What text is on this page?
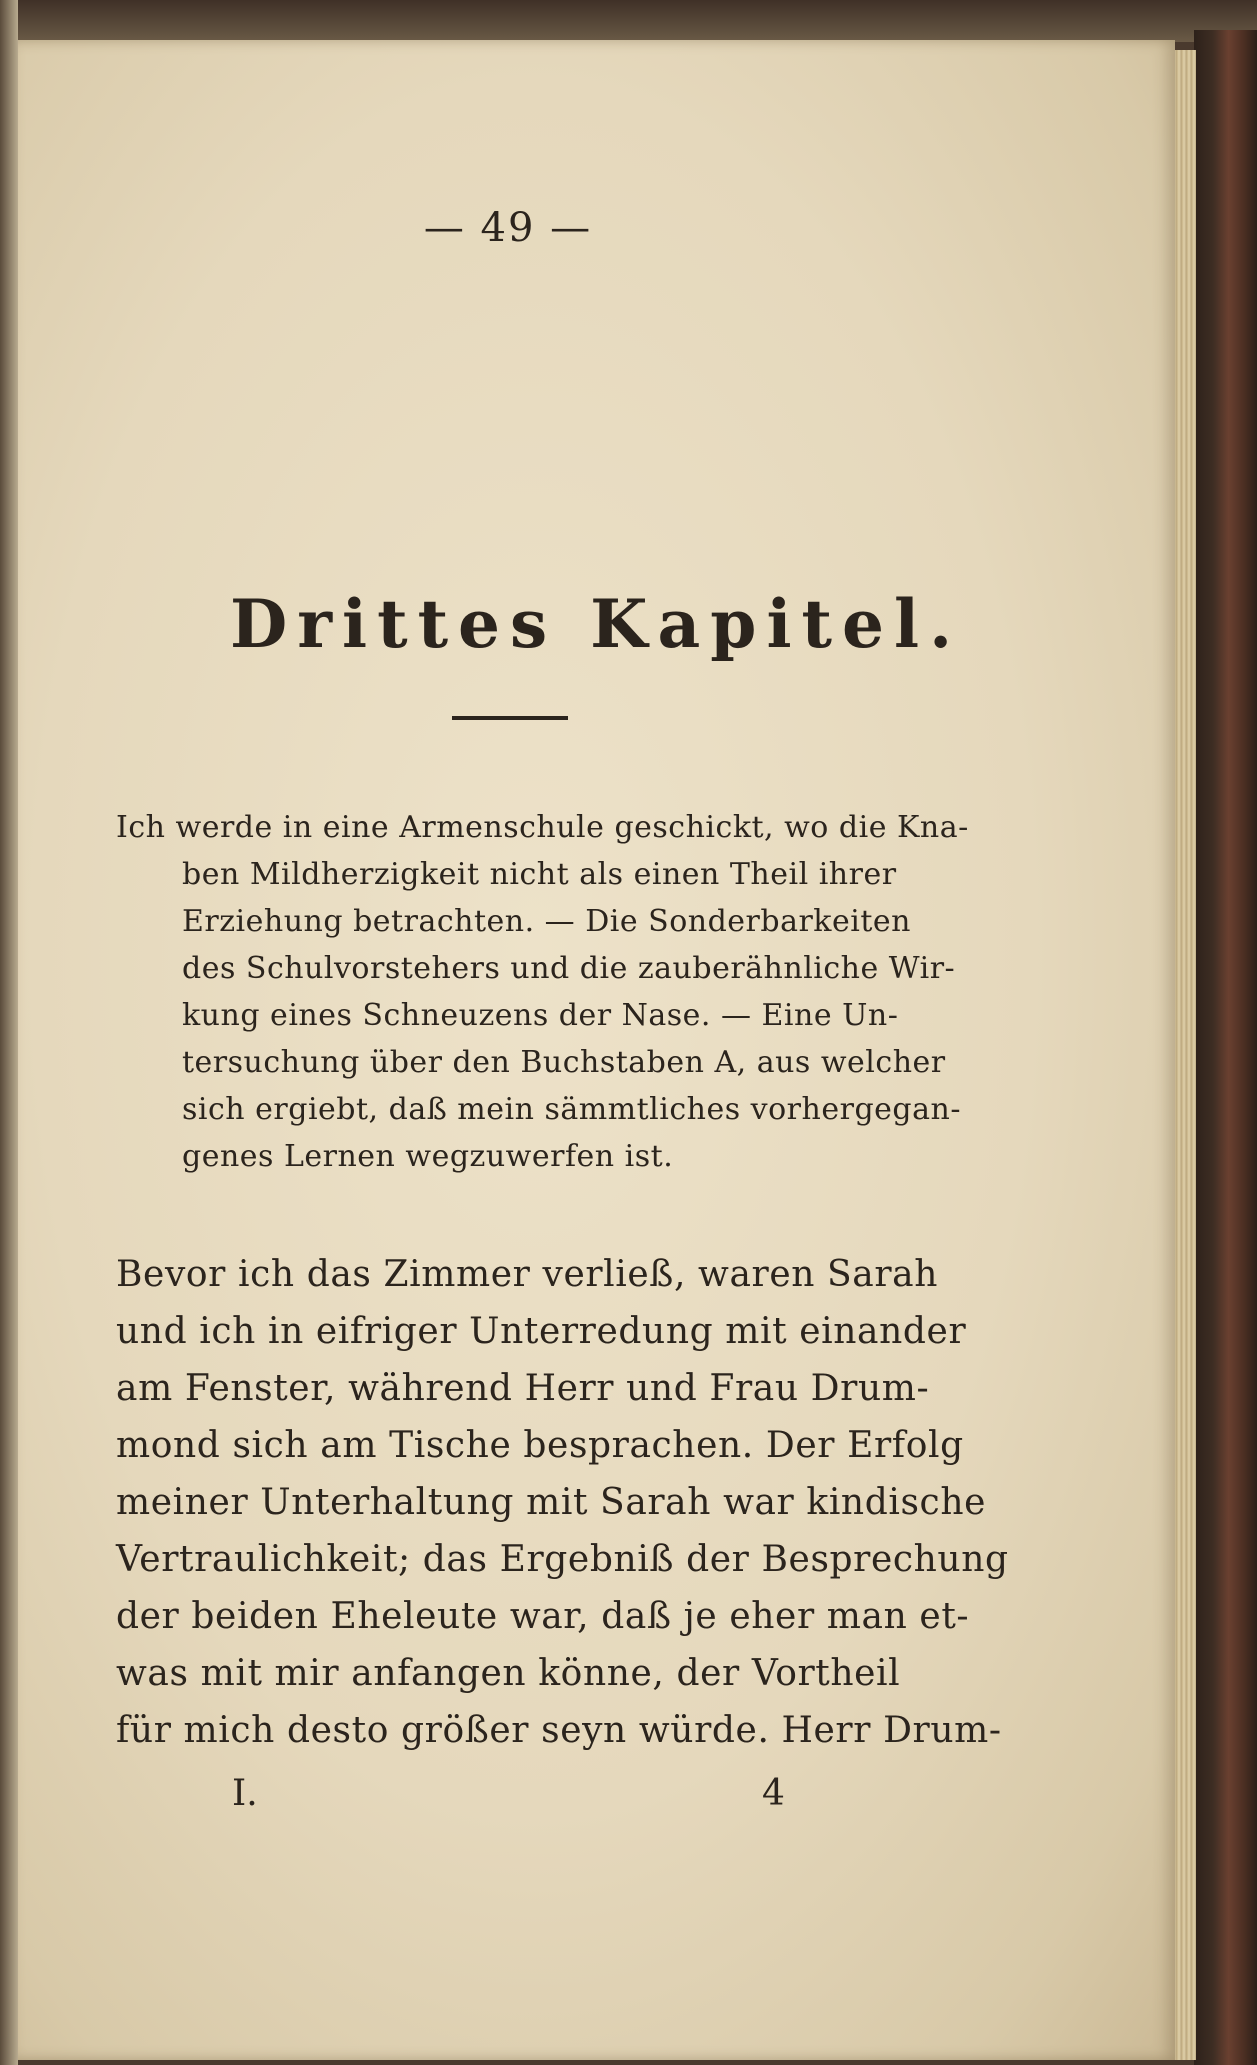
— 49 —
Drittes Kapitel.
Ich werde in eine Armenschule geschickt, wo die Kna-
ben Mildherzigkeit nicht als einen Theil ihrer
Erziehung betrachten. — Die Sonderbarkeiten
des Schulvorstehers und die zauberähnliche Wir-
kung eines Schneuzens der Nase. — Eine Un-
tersuchung über den Buchstaben A, aus welcher
sich ergiebt, daß mein sämmtliches vorhergegan-
genes Lernen wegzuwerfen ist.
Bevor ich das Zimmer verließ, waren Sarah
und ich in eifriger Unterredung mit einander
am Fenster, während Herr und Frau Drum-
mond sich am Tische besprachen. Der Erfolg
meiner Unterhaltung mit Sarah war kindische
Vertraulichkeit; das Ergebniß der Besprechung
der beiden Eheleute war, daß je eher man et-
was mit mir anfangen könne, der Vortheil
für mich desto größer seyn würde. Herr Drum-
I.	4
